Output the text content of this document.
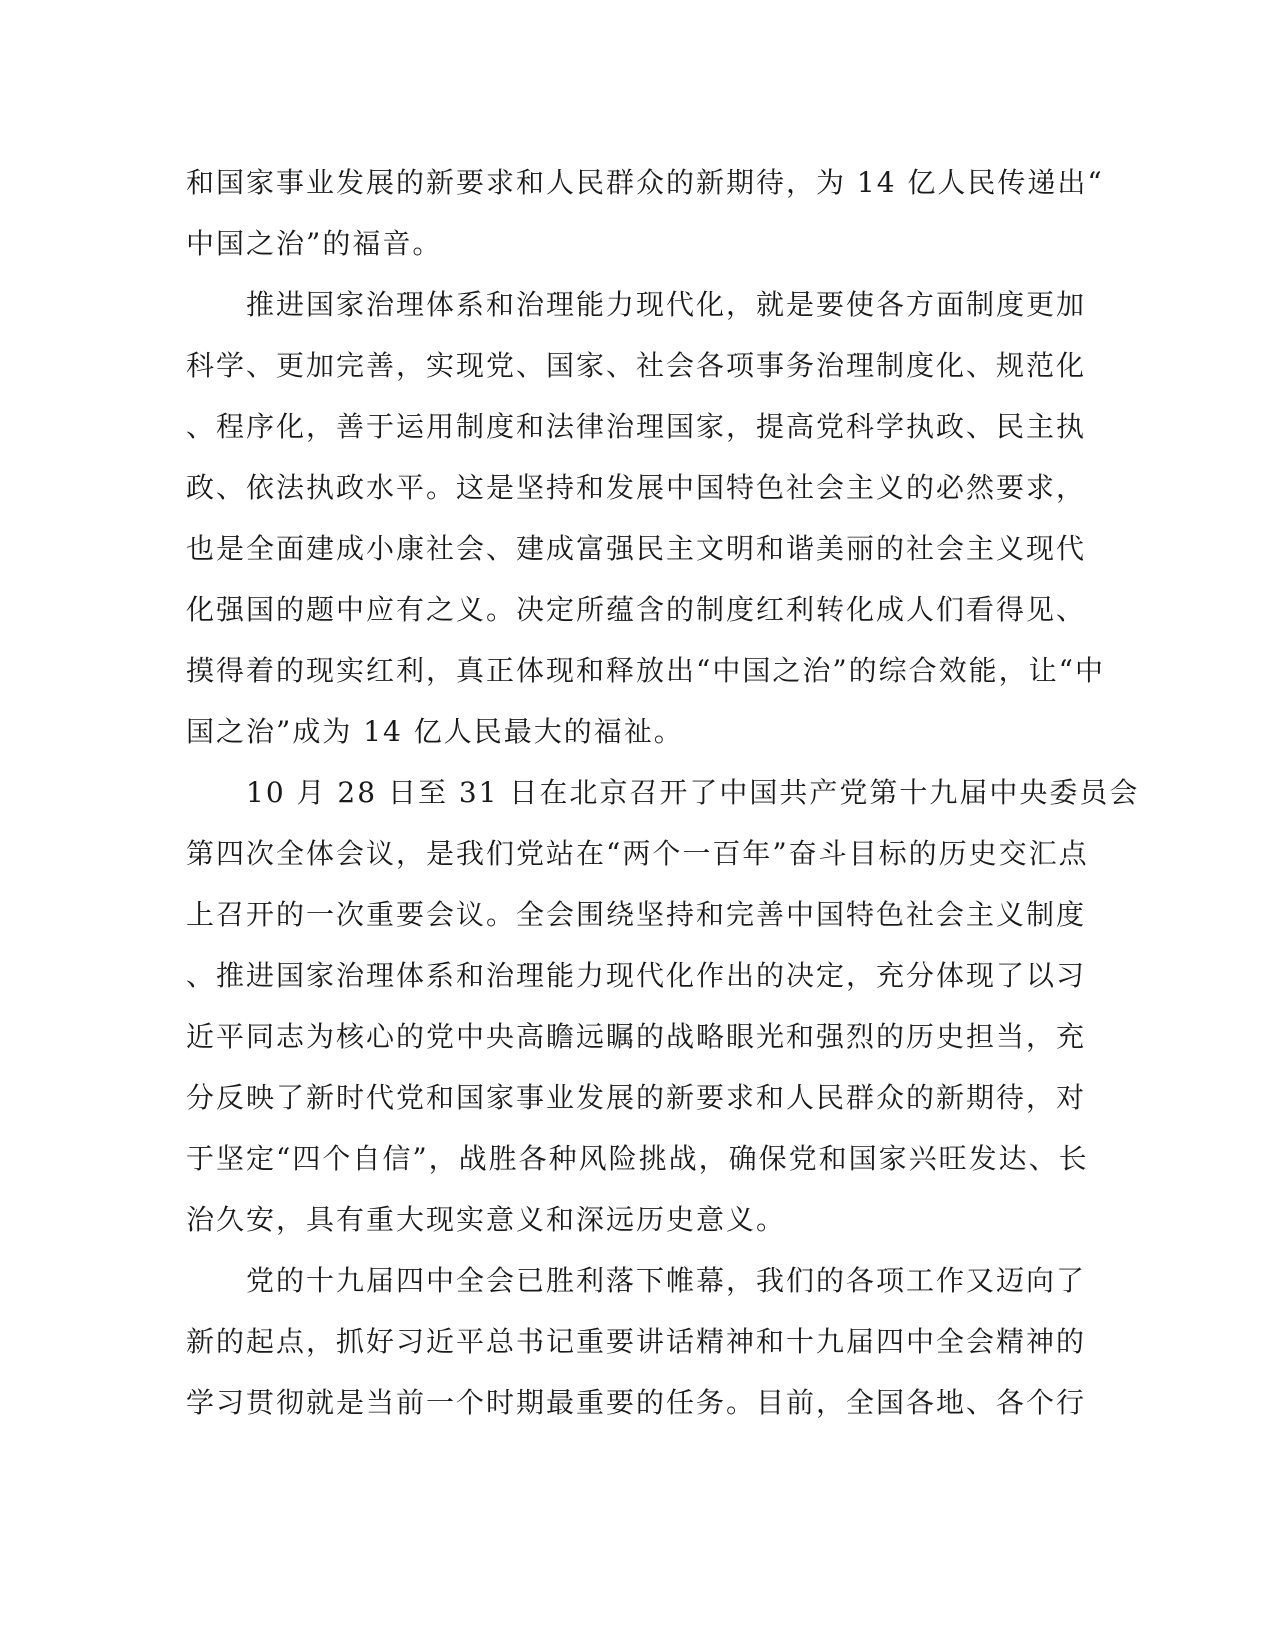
和国家事业发展的新要求和人民群众的新期待，为 14 亿人民传递出“
中国之治”的福音。
　　推进国家治理体系和治理能力现代化，就是要使各方面制度更加
科学、更加完善，实现党、国家、社会各项事务治理制度化、规范化
、程序化，善于运用制度和法律治理国家，提高党科学执政、民主执
政、依法执政水平。这是坚持和发展中国特色社会主义的必然要求，
也是全面建成小康社会、建成富强民主文明和谐美丽的社会主义现代
化强国的题中应有之义。决定所蕴含的制度红利转化成人们看得见、
摸得着的现实红利，真正体现和释放出“中国之治”的综合效能，让“中
国之治”成为 14 亿人民最大的福祉。
　　10 月 28 日至 31 日在北京召开了中国共产党第十九届中央委员会
第四次全体会议，是我们党站在“两个一百年”奋斗目标的历史交汇点
上召开的一次重要会议。全会围绕坚持和完善中国特色社会主义制度
、推进国家治理体系和治理能力现代化作出的决定，充分体现了以习
近平同志为核心的党中央高瞻远瞩的战略眼光和强烈的历史担当，充
分反映了新时代党和国家事业发展的新要求和人民群众的新期待，对
于坚定“四个自信”，战胜各种风险挑战，确保党和国家兴旺发达、长
治久安，具有重大现实意义和深远历史意义。
　　党的十九届四中全会已胜利落下帷幕，我们的各项工作又迈向了
新的起点，抓好习近平总书记重要讲话精神和十九届四中全会精神的
学习贯彻就是当前一个时期最重要的任务。目前，全国各地、各个行
